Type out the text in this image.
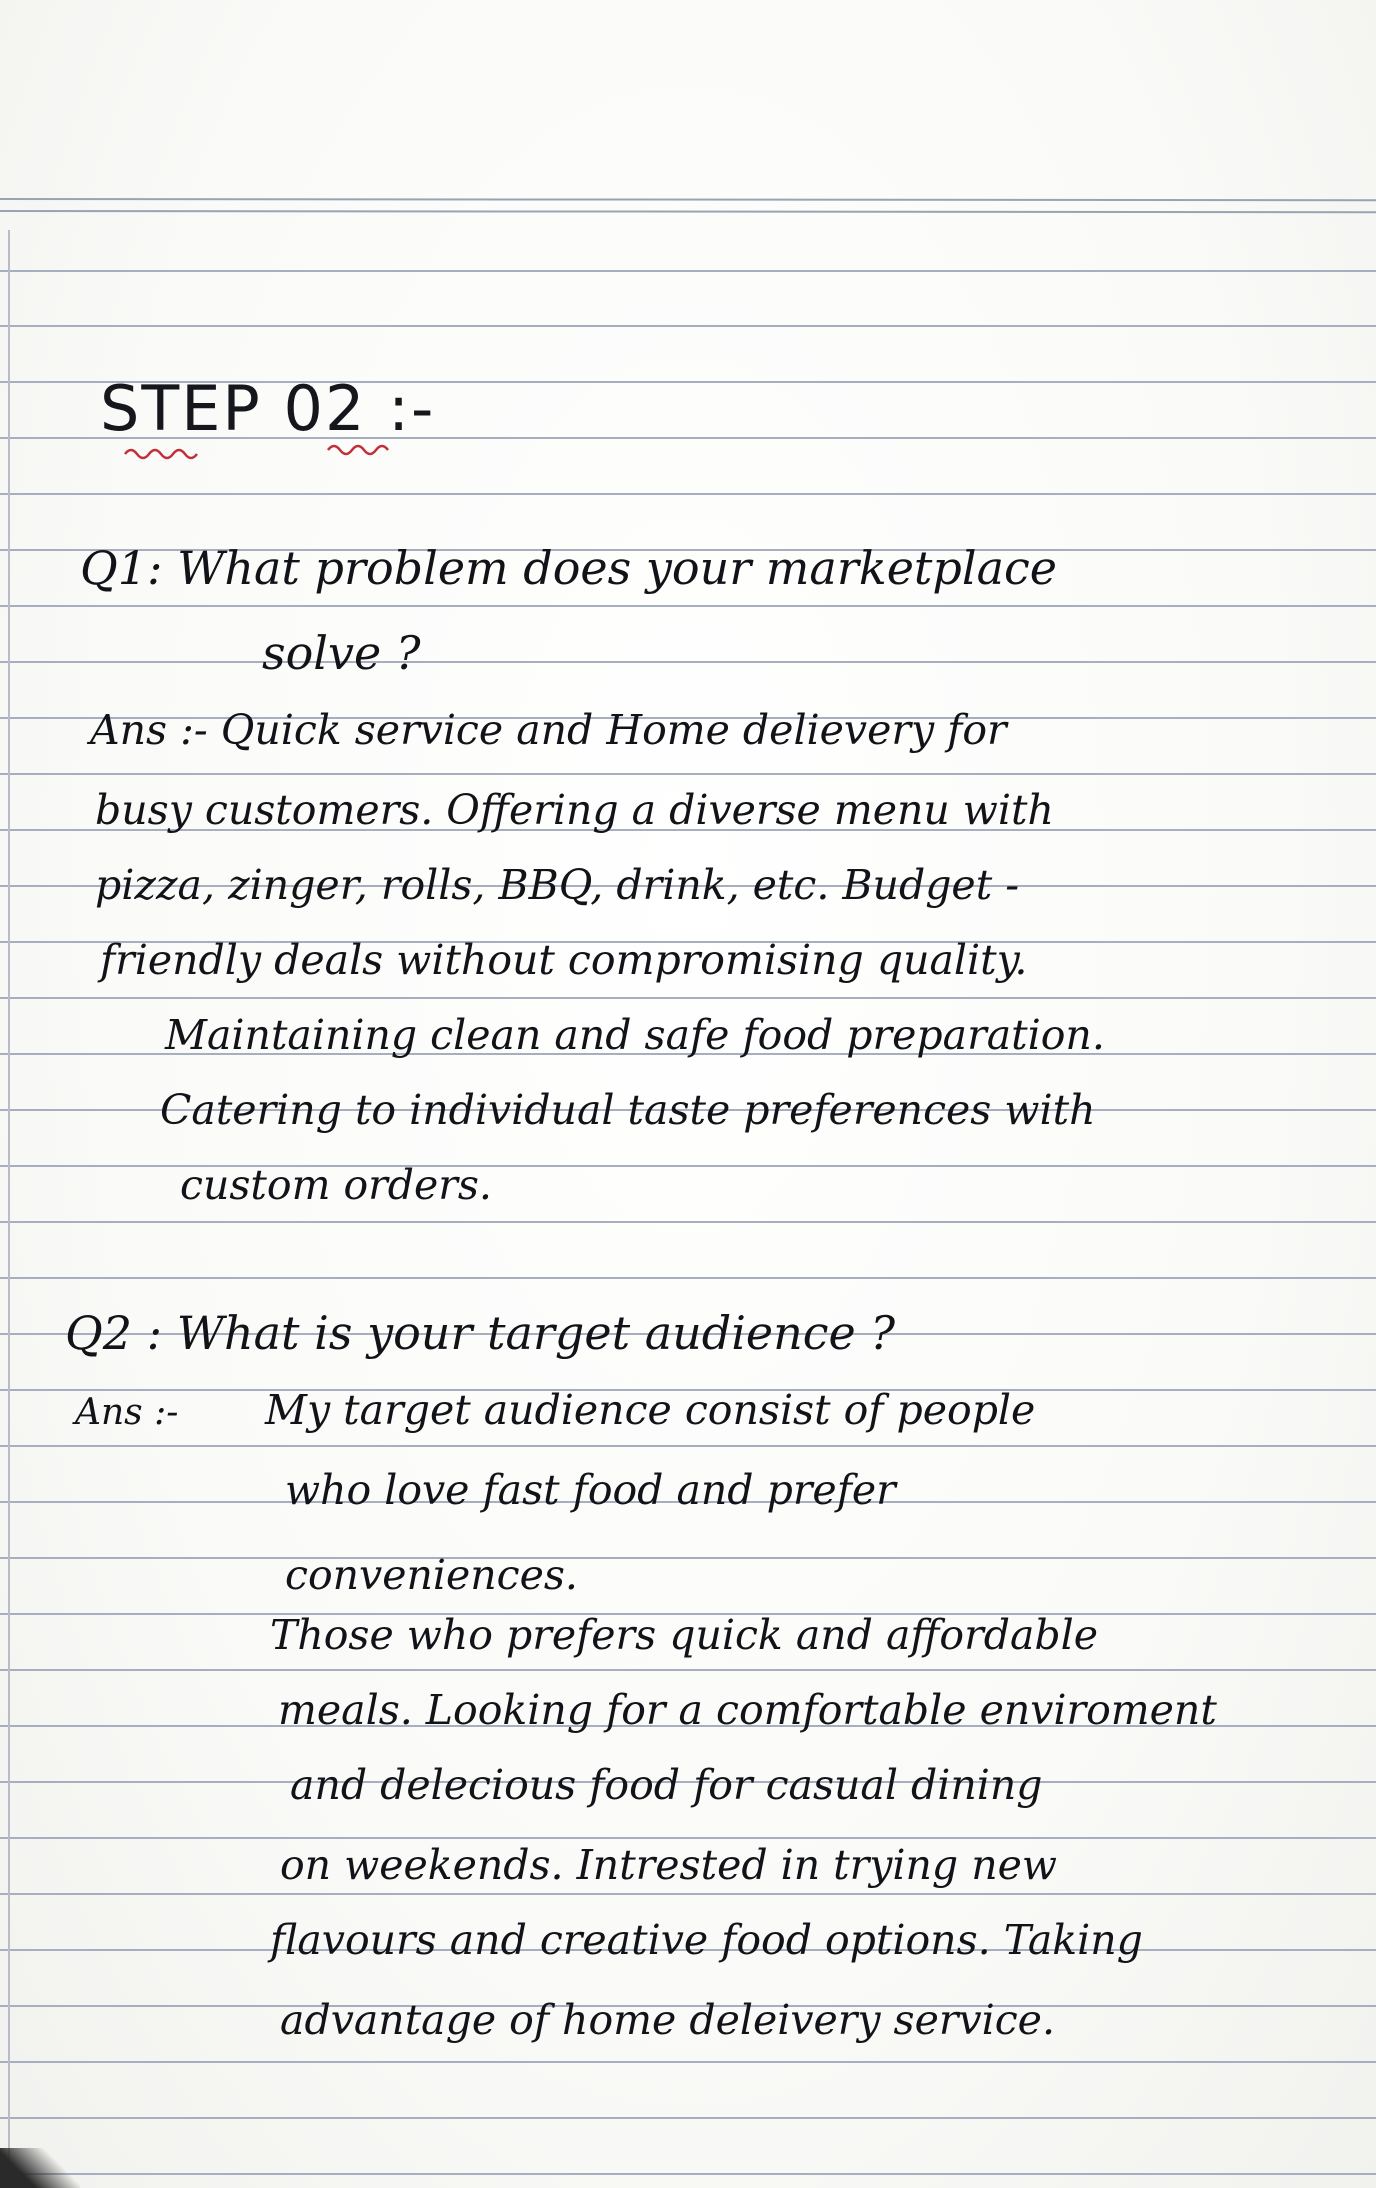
STEP 02 :-
Q1: What problem does your marketplace
solve ?
Ans :- Quick service and Home delievery for
busy customers. Offering a diverse menu with
pizza, zinger, rolls, BBQ, drink, etc. Budget -
friendly deals without compromising quality.
Maintaining clean and safe food preparation.
Catering to individual taste preferences with
custom orders.
Q2 : What is your target audience ?
Ans :- My target audience consist of people
who love fast food and prefer
conveniences.
Those who prefers quick and affordable
meals. Looking for a comfortable enviroment
and delecious food for casual dining
on weekends. Intrested in trying new
flavours and creative food options. Taking
advantage of home deleivery service.
